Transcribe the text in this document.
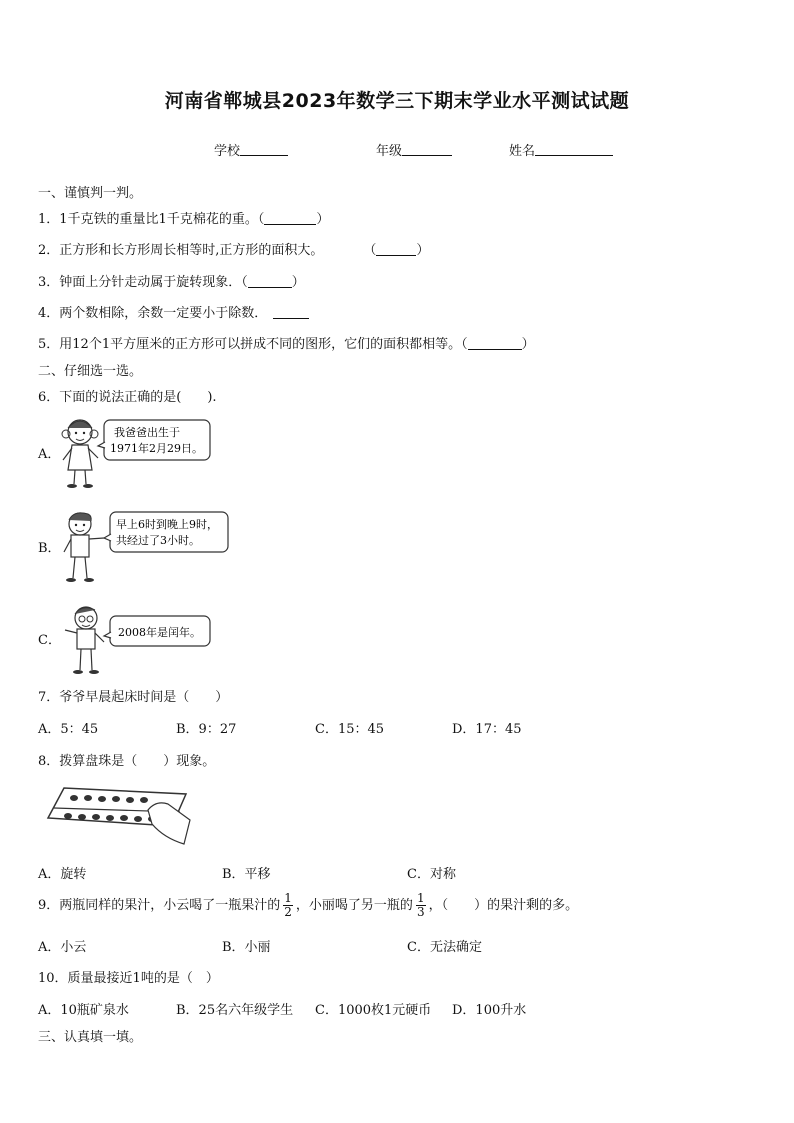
河南省郸城县2023年数学三下期末学业水平测试试题
学校	年级	姓名
一、谨慎判一判。
1．1千克铁的重量比1千克棉花的重。（	）
2．正方形和长方形周长相等时,正方形的面积大。	（	）
3．钟面上分针走动属于旋转现象．（	）
4．两个数相除，余数一定要小于除数．
5．用12个1平方厘米的正方形可以拼成不同的图形，它们的面积都相等。（	）
二、仔细选一选。
6．下面的说法正确的是(　　).
A．
我爸爸出生于
1971年2月29日。
B．
早上6时到晚上9时，
共经过了3小时。
C．
2008年是闰年。
7．爷爷早晨起床时间是（　　）
A．5：45	B．9：27	C．15：45	D．17：45
8．拨算盘珠是（　　）现象。
A．旋转	B．平移	C．对称
9．两瓶同样的果汁，小云喝了一瓶果汁的 $\frac{1}{2}$ ，小丽喝了另一瓶的 $\frac{1}{3}$ ，（　　）的果汁剩的多。
A．小云	B．小丽	C．无法确定
10．质量最接近1吨的是（　）
A．10瓶矿泉水	B．25名六年级学生 C．1000枚1元硬币 D．100升水
三、认真填一填。
